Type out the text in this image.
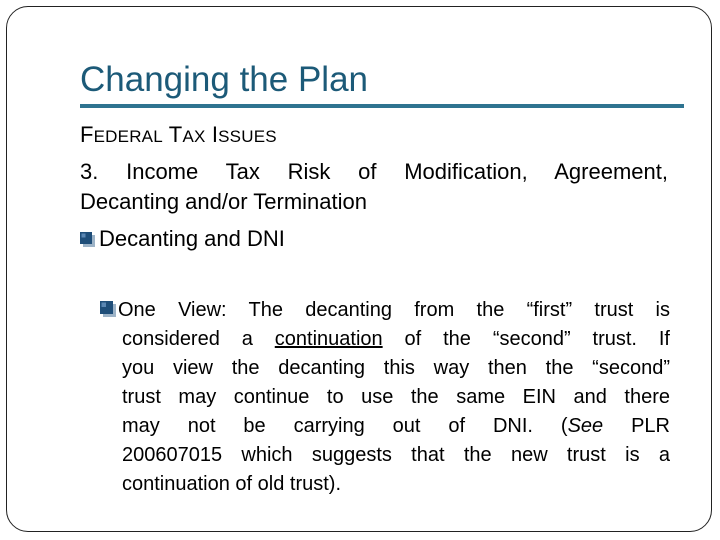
Changing the Plan
FEDERAL TAX ISSUES
3. Income Tax Risk of Modification, Agreement,
Decanting and/or Termination
Decanting and DNI
One View: The decanting from the “first” trust is
considered a continuation of the “second” trust. If
you view the decanting this way then the “second”
trust may continue to use the same EIN and there
may not be carrying out of DNI. (See PLR
200607015 which suggests that the new trust is a
continuation of old trust).
